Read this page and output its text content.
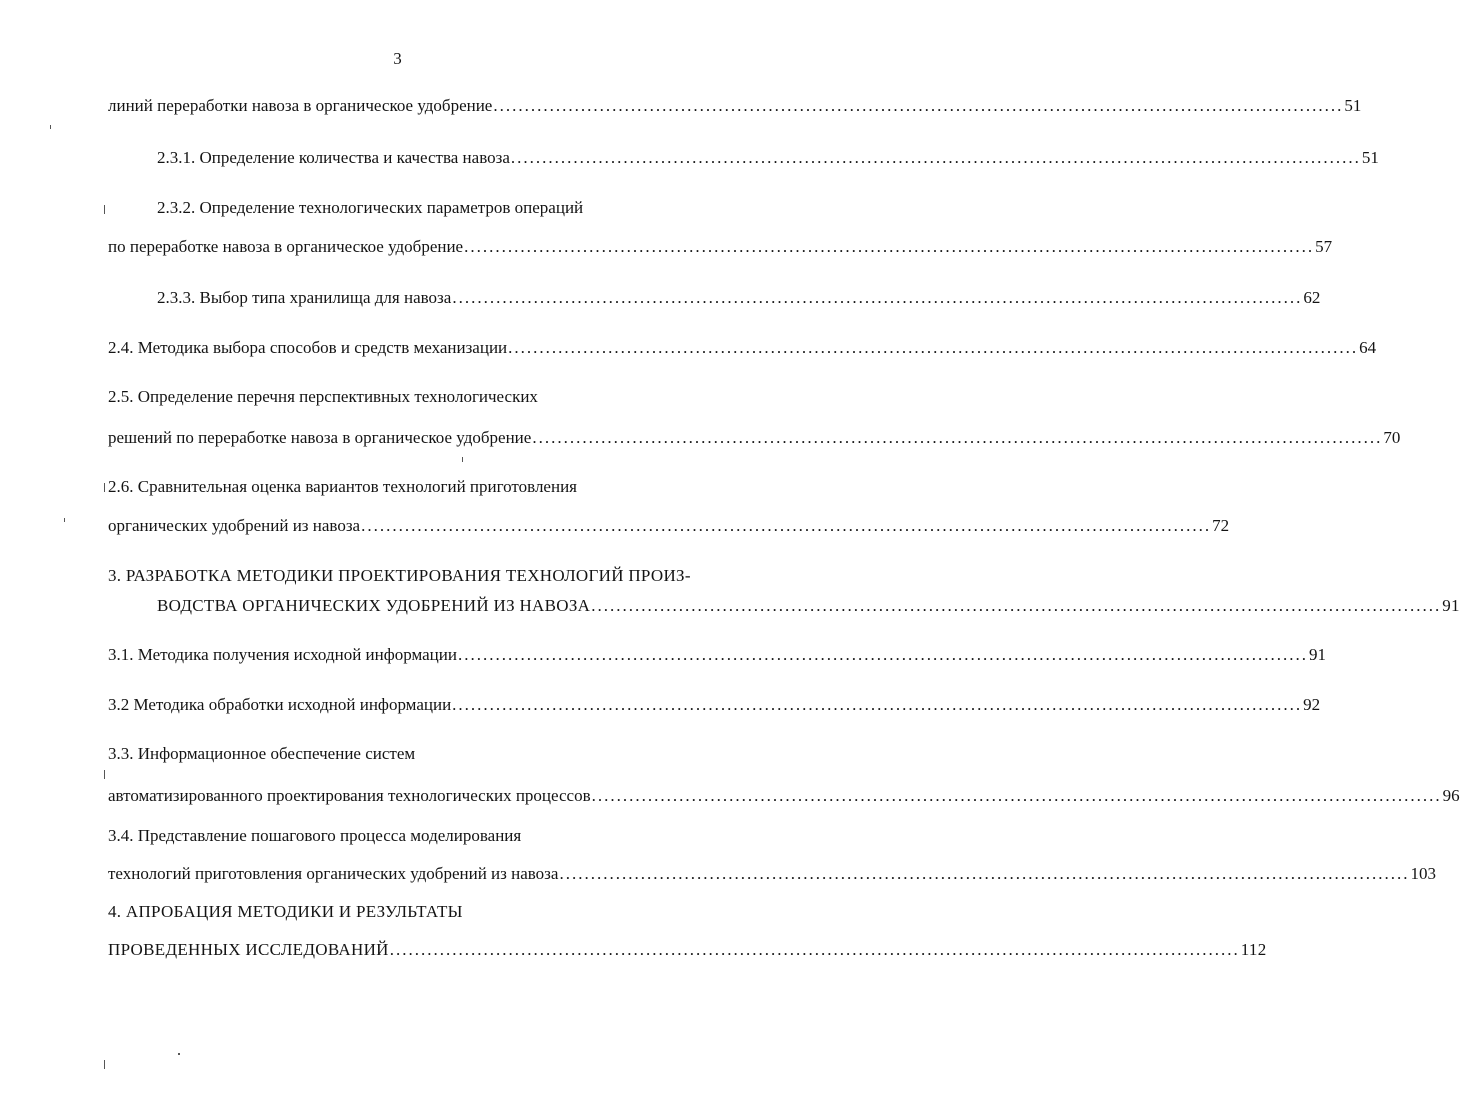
3
линий переработки навоза в органическое удобрение ........................................................................................................................................ 51
2.3.1. Определение количества и качества навоза ........................................................................................................................................ 51
2.3.2. Определение технологических параметров операций
по переработке навоза в органическое удобрение ........................................................................................................................................ 57
2.3.3. Выбор типа хранилища для навоза ........................................................................................................................................ 62
2.4. Методика выбора способов и средств механизации ........................................................................................................................................ 64
2.5. Определение перечня перспективных технологических
решений по переработке навоза в органическое удобрение ........................................................................................................................................ 70
2.6. Сравнительная оценка вариантов технологий приготовления
органических удобрений из навоза ........................................................................................................................................ 72
3. РАЗРАБОТКА МЕТОДИКИ ПРОЕКТИРОВАНИЯ ТЕХНОЛОГИЙ ПРОИЗ-
ВОДСТВА ОРГАНИЧЕСКИХ УДОБРЕНИЙ ИЗ НАВОЗА ........................................................................................................................................ 91
3.1. Методика получения исходной информации ........................................................................................................................................ 91
3.2 Методика обработки исходной информации ........................................................................................................................................ 92
3.3. Информационное обеспечение систем
автоматизированного проектирования технологических процессов ........................................................................................................................................ 96
3.4. Представление пошагового процесса моделирования
технологий приготовления органических удобрений из навоза ........................................................................................................................................ 103
4. АПРОБАЦИЯ МЕТОДИКИ И РЕЗУЛЬТАТЫ
ПРОВЕДЕННЫХ ИССЛЕДОВАНИЙ ........................................................................................................................................ 112
